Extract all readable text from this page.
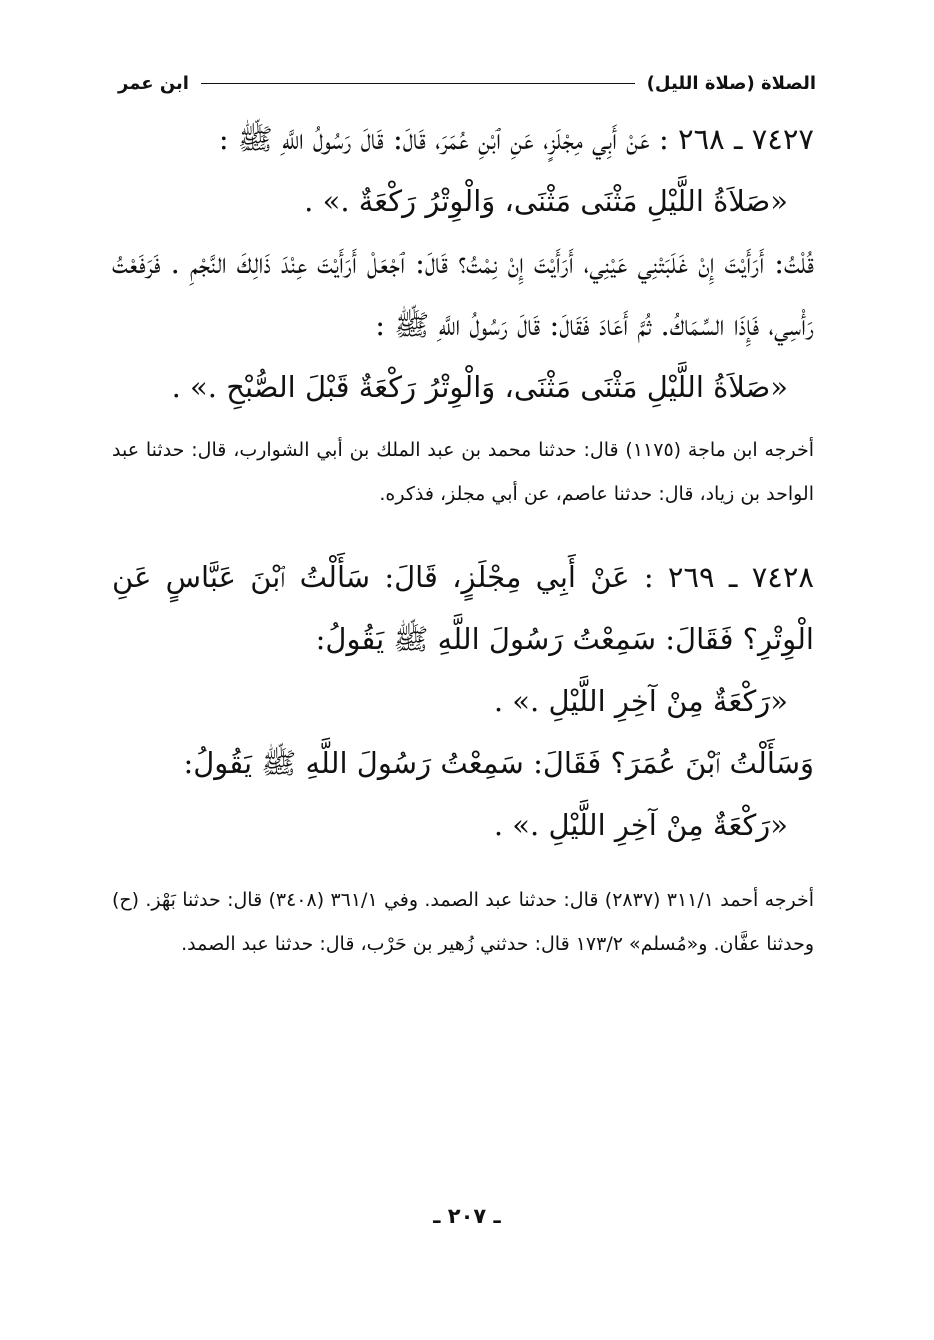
الصلاة (صلاة الليل)
ابن عمر

٧٤٢٧ ـ ٢٦٨ : عَنْ أَبِي مِجْلَزٍ، عَنِ ٱبْنِ عُمَرَ، قَالَ: قَالَ رَسُولُ اللَّهِ ﷺ :

«صَلاَةُ اللَّيْلِ مَثْنَى مَثْنَى، وَالْوِتْرُ رَكْعَةٌ .» .

قُلْتُ: أَرَأَيْتَ إِنْ غَلَبَتْنِي عَيْنِي، أَرَأَيْتَ إِنْ نِمْتُ؟ قَالَ: ٱجْعَلْ أَرَأَيْتَ عِنْدَ ذَالِكَ النَّجْمِ . فَرَفَعْتُ رَأْسِي، فَإِذَا السِّمَاكُ. ثُمَّ أَعَادَ فَقَالَ: قَالَ رَسُولُ اللَّهِ ﷺ :

«صَلاَةُ اللَّيْلِ مَثْنَى مَثْنَى، وَالْوِتْرُ رَكْعَةٌ قَبْلَ الصُّبْحِ .» .

أخرجه ابن ماجة (١١٧٥) قال: حدثنا محمد بن عبد الملك بن أبي الشوارب، قال: حدثنا عبد الواحد بن زياد، قال: حدثنا عاصم، عن أبي مجلز، فذكره.

٧٤٢٨ ـ ٢٦٩ : عَنْ أَبِي مِجْلَزٍ، قَالَ: سَأَلْتُ ٱبْنَ عَبَّاسٍ عَنِ الْوِتْرِ؟ فَقَالَ: سَمِعْتُ رَسُولَ اللَّهِ ﷺ يَقُولُ:

«رَكْعَةٌ مِنْ آخِرِ اللَّيْلِ .» .

وَسَأَلْتُ ٱبْنَ عُمَرَ؟ فَقَالَ: سَمِعْتُ رَسُولَ اللَّهِ ﷺ يَقُولُ:

«رَكْعَةٌ مِنْ آخِرِ اللَّيْلِ .» .

أخرجه أحمد ٣١١/١ (٢٨٣٧) قال: حدثنا عبد الصمد. وفي ٣٦١/١ (٣٤٠٨) قال: حدثنا بَهْز. (ح) وحدثنا عفَّان. و«مُسلم» ١٧٣/٢ قال: حدثني زُهير بن حَرْب، قال: حدثنا عبد الصمد.

ـ ٢٠٧ ـ
